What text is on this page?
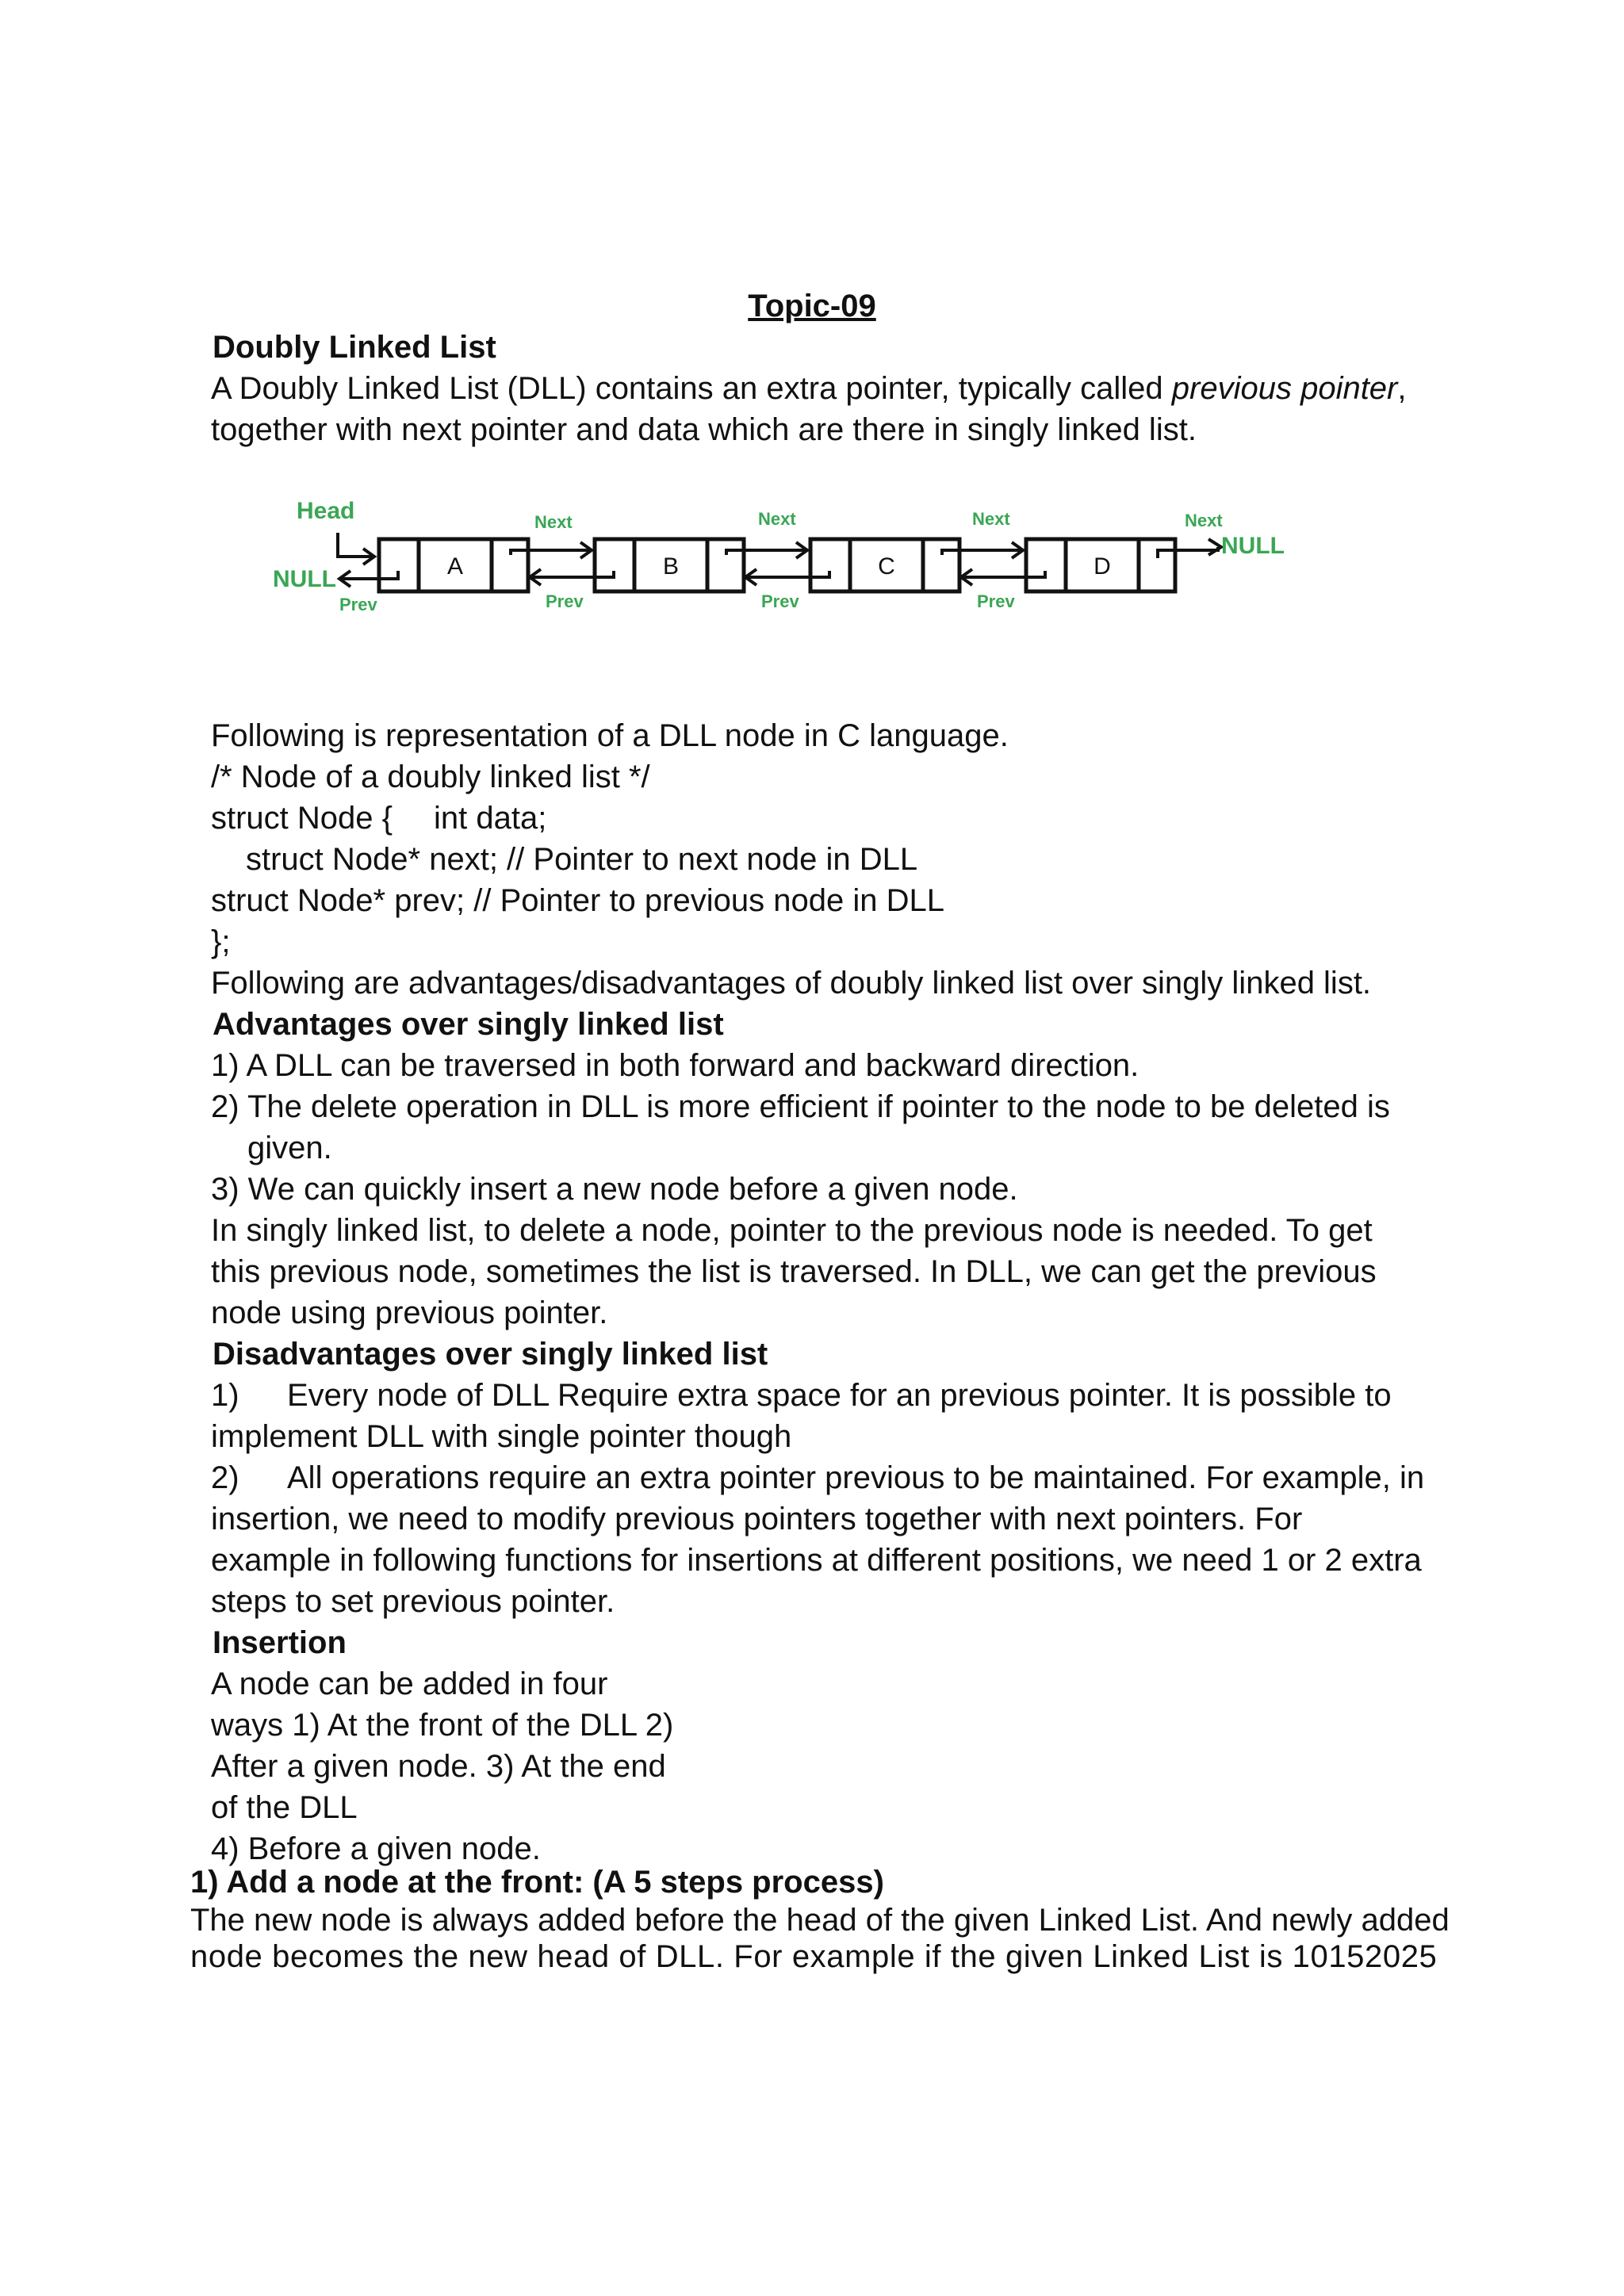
Topic-09
Doubly Linked List
A Doubly Linked List (DLL) contains an extra pointer, typically called previous pointer,
together with next pointer and data which are there in singly linked list.
A	B	C	D
Head
NULL
NULL
Next	Next	Next	Next
Prev	Prev	Prev	Prev
Following is representation of a DLL node in C language.
/* Node of a doubly linked list */
struct Node { int data;
struct Node* next; // Pointer to next node in DLL
struct Node* prev; // Pointer to previous node in DLL
};
Following are advantages/disadvantages of doubly linked list over singly linked list.
Advantages over singly linked list
1) A DLL can be traversed in both forward and backward direction.
2) The delete operation in DLL is more efficient if pointer to the node to be deleted is
given.
3) We can quickly insert a new node before a given node.
In singly linked list, to delete a node, pointer to the previous node is needed. To get
this previous node, sometimes the list is traversed. In DLL, we can get the previous
node using previous pointer.
Disadvantages over singly linked list
1) Every node of DLL Require extra space for an previous pointer. It is possible to
implement DLL with single pointer though
2) All operations require an extra pointer previous to be maintained. For example, in
insertion, we need to modify previous pointers together with next pointers. For
example in following functions for insertions at different positions, we need 1 or 2 extra
steps to set previous pointer.
Insertion
A node can be added in four
ways 1) At the front of the DLL 2)
After a given node. 3) At the end
of the DLL
4) Before a given node.
1) Add a node at the front: (A 5 steps process)
The new node is always added before the head of the given Linked List. And newly added
node becomes the new head of DLL. For example if the given Linked List is 10152025
